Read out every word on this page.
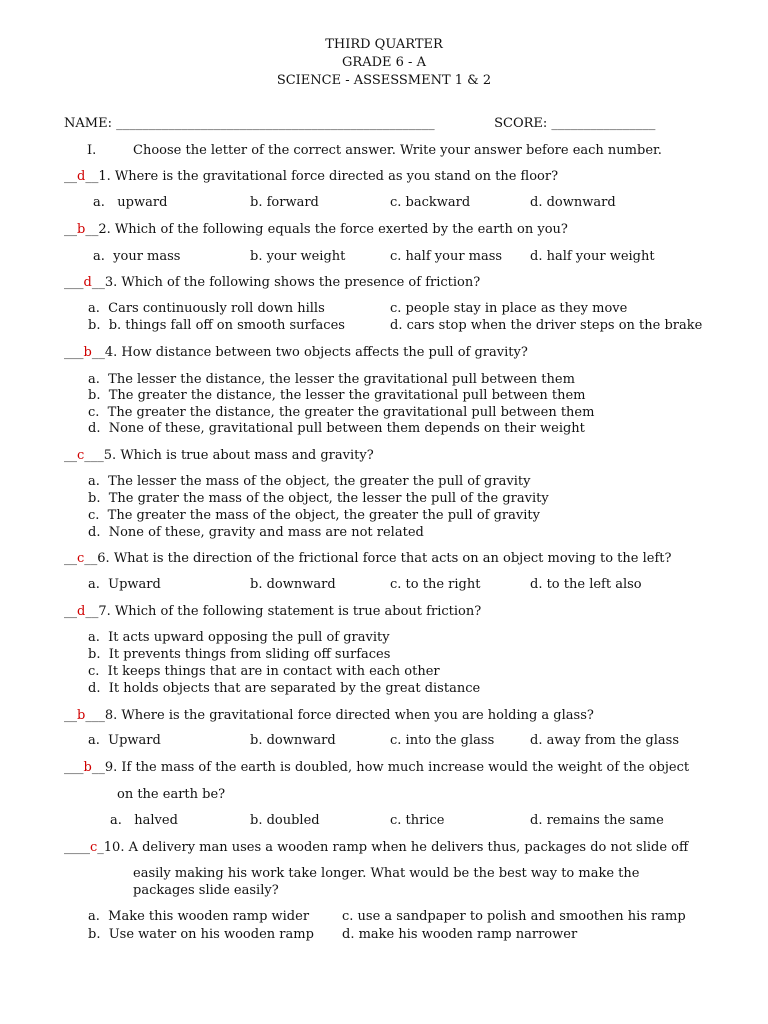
THIRD QUARTER
GRADE 6 - A
SCIENCE - ASSESSMENT 1 & 2
NAME: _________________________________________________	SCORE: ________________
I.	Choose the letter of the correct answer. Write your answer before each number.
__d__1. Where is the gravitational force directed as you stand on the floor?
a.   upward	b. forward	c. backward	d. downward
__b__2. Which of the following equals the force exerted by the earth on you?
a.  your mass	b. your weight	c. half your mass d. half your weight
___d__3. Which of the following shows the presence of friction?
a.  Cars continuously roll down hills	c. people stay in place as they move
b.  b. things fall off on smooth surfaces	d. cars stop when the driver steps on the brake
___b__4. How distance between two objects affects the pull of gravity?
a.  The lesser the distance, the lesser the gravitational pull between them
b.  The greater the distance, the lesser the gravitational pull between them
c.  The greater the distance, the greater the gravitational pull between them
d.  None of these, gravitational pull between them depends on their weight
__c___5. Which is true about mass and gravity?
a.  The lesser the mass of the object, the greater the pull of gravity
b.  The grater the mass of the object, the lesser the pull of the gravity
c.  The greater the mass of the object, the greater the pull of gravity
d.  None of these, gravity and mass are not related
__c__6. What is the direction of the frictional force that acts on an object moving to the left?
a.  Upward	b. downward	c. to the right	d. to the left also
__d__7. Which of the following statement is true about friction?
a.  It acts upward opposing the pull of gravity
b.  It prevents things from sliding off surfaces
c.  It keeps things that are in contact with each other
d.  It holds objects that are separated by the great distance
__b___8. Where is the gravitational force directed when you are holding a glass?
a.  Upward	b. downward	c. into the glass	d. away from the glass
___b__9. If the mass of the earth is doubled, how much increase would the weight of the object
on the earth be?
a.   halved	b. doubled	c. thrice	d. remains the same
____c_10. A delivery man uses a wooden ramp when he delivers thus, packages do not slide off
easily making his work take longer. What would be the best way to make the
packages slide easily?
a.  Make this wooden ramp wider	c. use a sandpaper to polish and smoothen his ramp
b.  Use water on his wooden ramp d. make his wooden ramp narrower
